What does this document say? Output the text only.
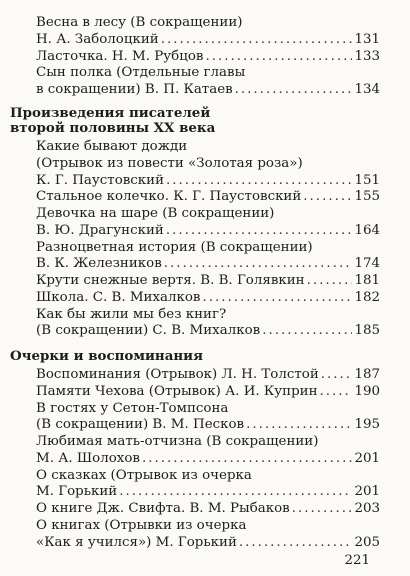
Весна в лесу (В сокращении)
Н. А. Заболоцкий .....	131
Ласточка. Н. М. Рубцов .....	133
Сын полка (Отдельные главы
в сокращении) В. П. Катаев .....	134
Произведения писателей
второй половины XX века
Какие бывают дожди
(Отрывок из повести «Золотая роза»)
К. Г. Паустовский .....	151
Стальное колечко. К. Г. Паустовский .....	155
Девочка на шаре (В сокращении)
В. Ю. Драгунский .....	164
Разноцветная история (В сокращении)
В. К. Железников .....	174
Крути снежные вертя. В. В. Голявкин .....	181
Школа. С. В. Михалков .....	182
Как бы жили мы без книг?
(В сокращении) С. В. Михалков .....	185
Очерки и воспоминания
Воспоминания (Отрывок) Л. Н. Толстой .....	187
Памяти Чехова (Отрывок) А. И. Куприн .....	190
В гостях у Сетон-Томпсона
(В сокращении) В. М. Песков .....	195
221
Любимая мать-отчизна (В сокращении)
М. А. Шолохов .....	201
О сказках (Отрывок из очерка
М. Горький .....	201
О книге Дж. Свифта. В. М. Рыбаков .....	203
О книгах (Отрывки из очерка
«Как я учился») М. Горький .....	205
